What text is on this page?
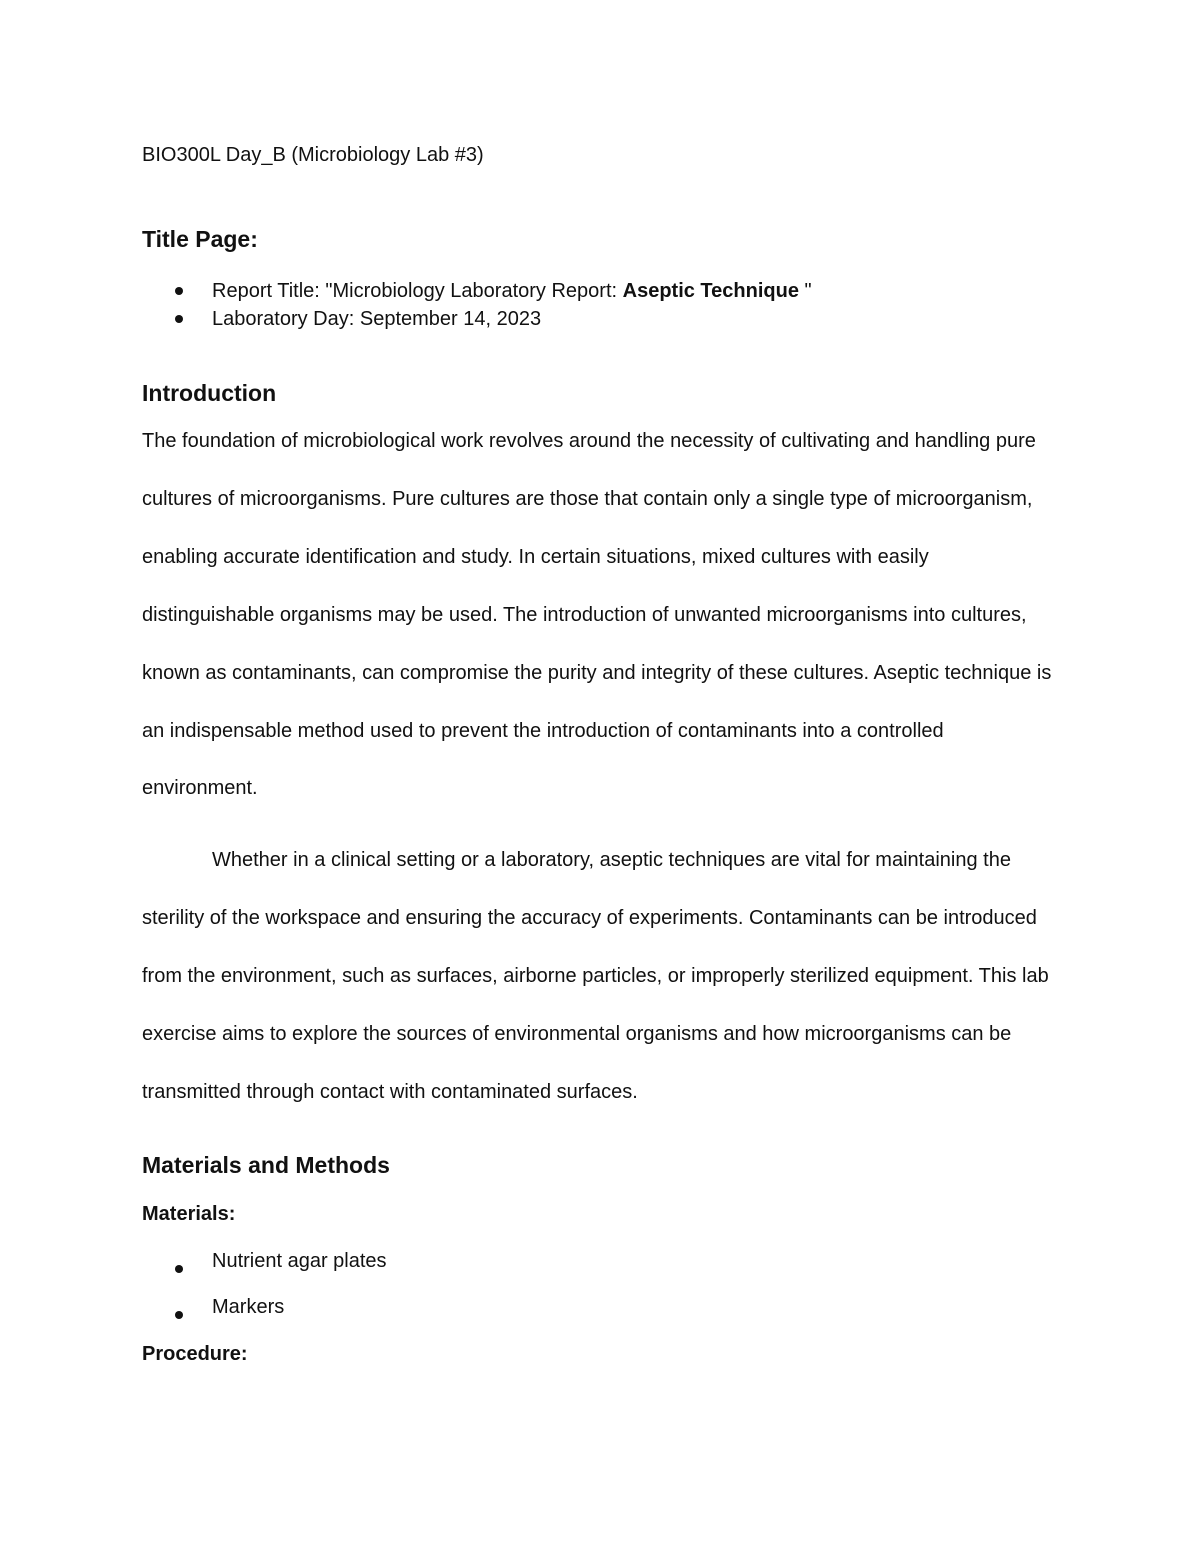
BIO300L Day_B (Microbiology Lab #3)
Title Page:
Report Title: "Microbiology Laboratory Report: Aseptic Technique "
Laboratory Day: September 14, 2023
Introduction

The foundation of microbiological work revolves around the necessity of cultivating and handling pure cultures of microorganisms. Pure cultures are those that contain only a single type of microorganism, enabling accurate identification and study. In certain situations, mixed cultures with easily distinguishable organisms may be used. The introduction of unwanted microorganisms into cultures, known as contaminants, can compromise the purity and integrity of these cultures. Aseptic technique is an indispensable method used to prevent the introduction of contaminants into a controlled environment.

Whether in a clinical setting or a laboratory, aseptic techniques are vital for maintaining the sterility of the workspace and ensuring the accuracy of experiments. Contaminants can be introduced from the environment, such as surfaces, airborne particles, or improperly sterilized equipment. This lab exercise aims to explore the sources of environmental organisms and how microorganisms can be transmitted through contact with contaminated surfaces.

Materials and Methods
Materials:
Nutrient agar plates
Markers
Procedure:
